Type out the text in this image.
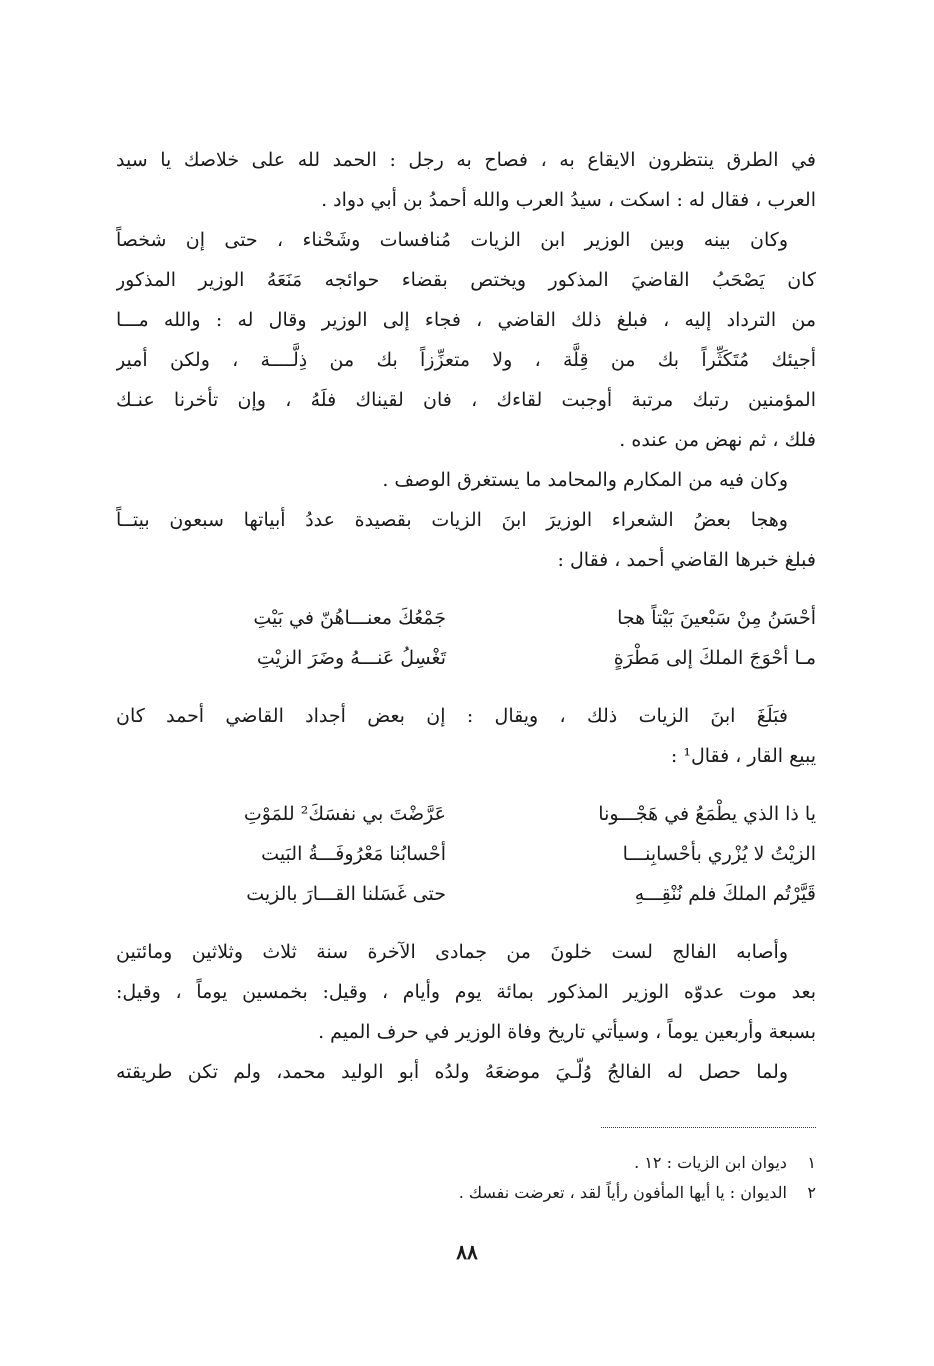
في الطرق ينتظرون الايقاع به ، فصاح به رجل : الحمد لله على خلاصك يا سيد
العرب ، فقال له : اسكت ، سيدُ العرب والله أحمدُ بن أبي دواد .
وكان بينه وبين الوزير ابن الزيات مُنافسات وشَحْناء ، حتى إن شخصاً
كان يَصْحَبُ القاضيَ المذكور ويختص بقضاء حوائجه مَنَعَهُ الوزير المذكور
من الترداد إليه ، فبلغ ذلك القاضي ، فجاء إلى الوزير وقال له : والله مـــا
أجيئك مُتَكَثِّراً بك من قِلَّة ، ولا متعزِّزاً بك من ذِلَّــــة ، ولكن أمير
المؤمنين رتبك مرتبة أوجبت لقاءك ، فان لقيناك فلَهُ ، وإن تأخرنا عنـك
فلك ، ثم نهض من عنده .
وكان فيه من المكارم والمحامد ما يستغرق الوصف .
وهجا بعضُ الشعراء الوزيرَ ابنَ الزيات بقصيدة عددُ أبياتها سبعون بيتــاً
فبلغ خبرها القاضي أحمد ، فقال :
أحْسَنُ مِنْ سَبْعينَ بَيْتاً هجا
جَمْعُكَ معنـــاهُنّ في بَيْتِ
مـا أحْوَجَ الملكَ إلى مَطْرَةٍ
تَغْسِلُ عَنـــهُ وضَرَ الزيْتِ
فبَلَغَ ابنَ الزيات ذلك ، ويقال : إن بعض أجداد القاضي أحمد كان
يبيع القار ، فقال¹ :
يا ذا الذي يطْمَعُ في هَجْـــونا
عَرَّضْتَ بي نفسَكَ² للمَوْتِ
الزيْتُ لا يُزْري بأحْسابِنـــا
أحْسابُنا مَعْرُوفَـــةُ البَيت
قَيَّرْتُم الملكَ فلم نُنْقِـــهِ
حتى غَسَلنا القـــارَ بالزيت
وأصابه الفالج لست خلونَ من جمادى الآخرة سنة ثلاث وثلاثين ومائتين
بعد موت عدوّه الوزير المذكور بمائة يوم وأيام ، وقيل: بخمسين يوماً ، وقيل:
بسبعة وأربعين يوماً ، وسيأتي تاريخ وفاة الوزير في حرف الميم .
ولما حصل له الفالجُ وُلّـيَ موضعَهُ ولدُه أبو الوليد محمد، ولم تكن طريقته
١ ديوان ابن الزيات : ١٢ .
٢ الديوان : يا أيها المأفون رأياً لقد ، تعرضت نفسك .
٨٨
